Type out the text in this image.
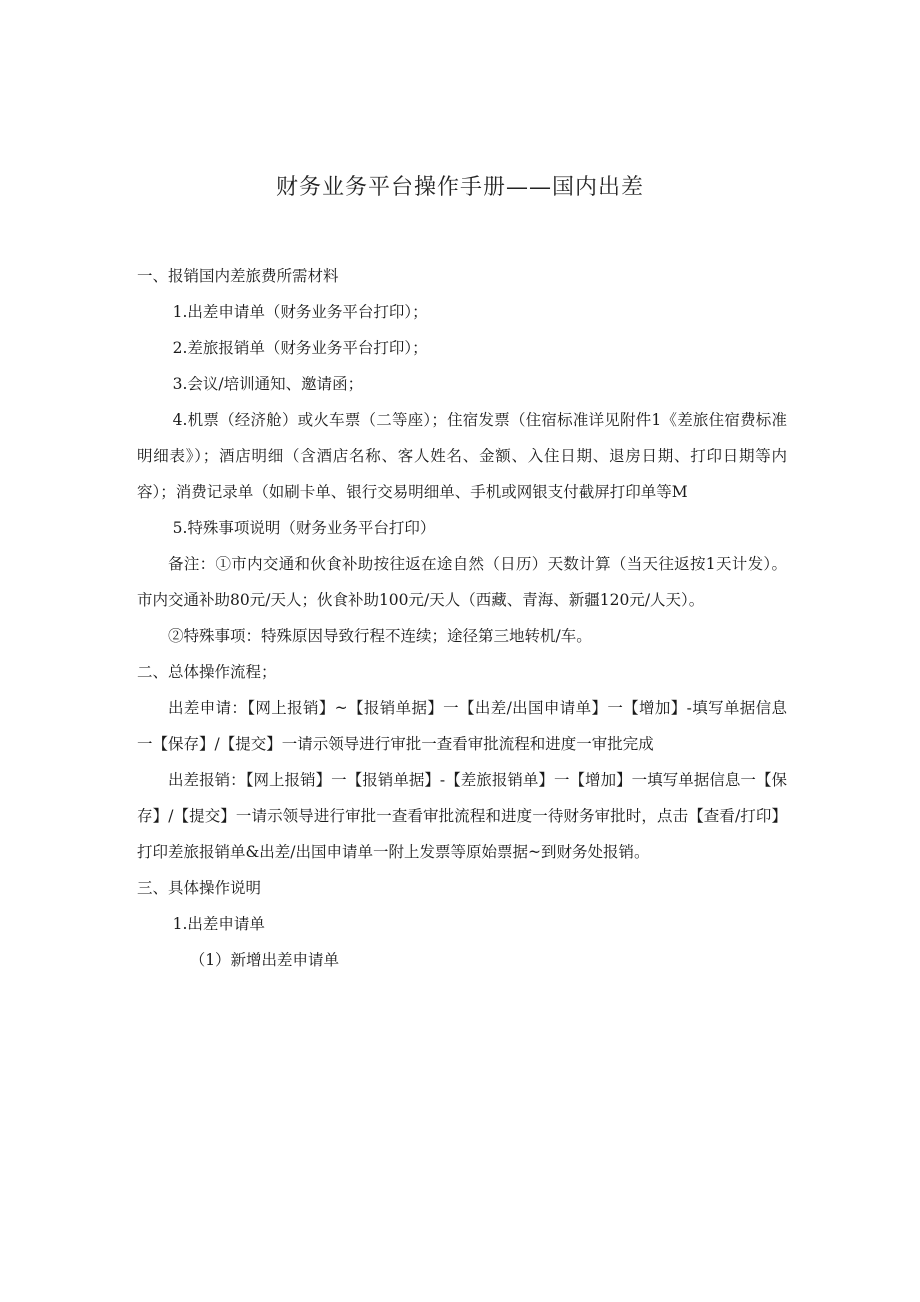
财务业务平台操作手册——国内出差

一、报销国内差旅费所需材料

1.出差申请单（财务业务平台打印）；

2.差旅报销单（财务业务平台打印）；

3.会议/培训通知、邀请函；

4.机票（经济舱）或火车票（二等座）；住宿发票（住宿标准详见附件1《差旅住宿费标准明细表》）；酒店明细（含酒店名称、客人姓名、金额、入住日期、退房日期、打印日期等内容）；消费记录单（如刷卡单、银行交易明细单、手机或网银支付截屏打印单等M

5.特殊事项说明（财务业务平台打印）

备注：①市内交通和伙食补助按往返在途自然（日历）天数计算（当天往返按1天计发）。市内交通补助80元/天人；伙食补助100元/天人（西藏、青海、新疆120元/人天）。

②特殊事项：特殊原因导致行程不连续；途径第三地转机/车。

二、总体操作流程；

出差申请：【网上报销】~【报销单据】一【出差/出国申请单】一【增加】-填写单据信息一【保存】/【提交】一请示领导进行审批一查看审批流程和进度一审批完成

出差报销：【网上报销】一【报销单据】-【差旅报销单】一【增加】一填写单据信息一【保存】/【提交】一请示领导进行审批一查看审批流程和进度一待财务审批时，点击【查看/打印】打印差旅报销单&出差/出国申请单一附上发票等原始票据~到财务处报销。

三、具体操作说明

1.出差申请单

（1）新增出差申请单
